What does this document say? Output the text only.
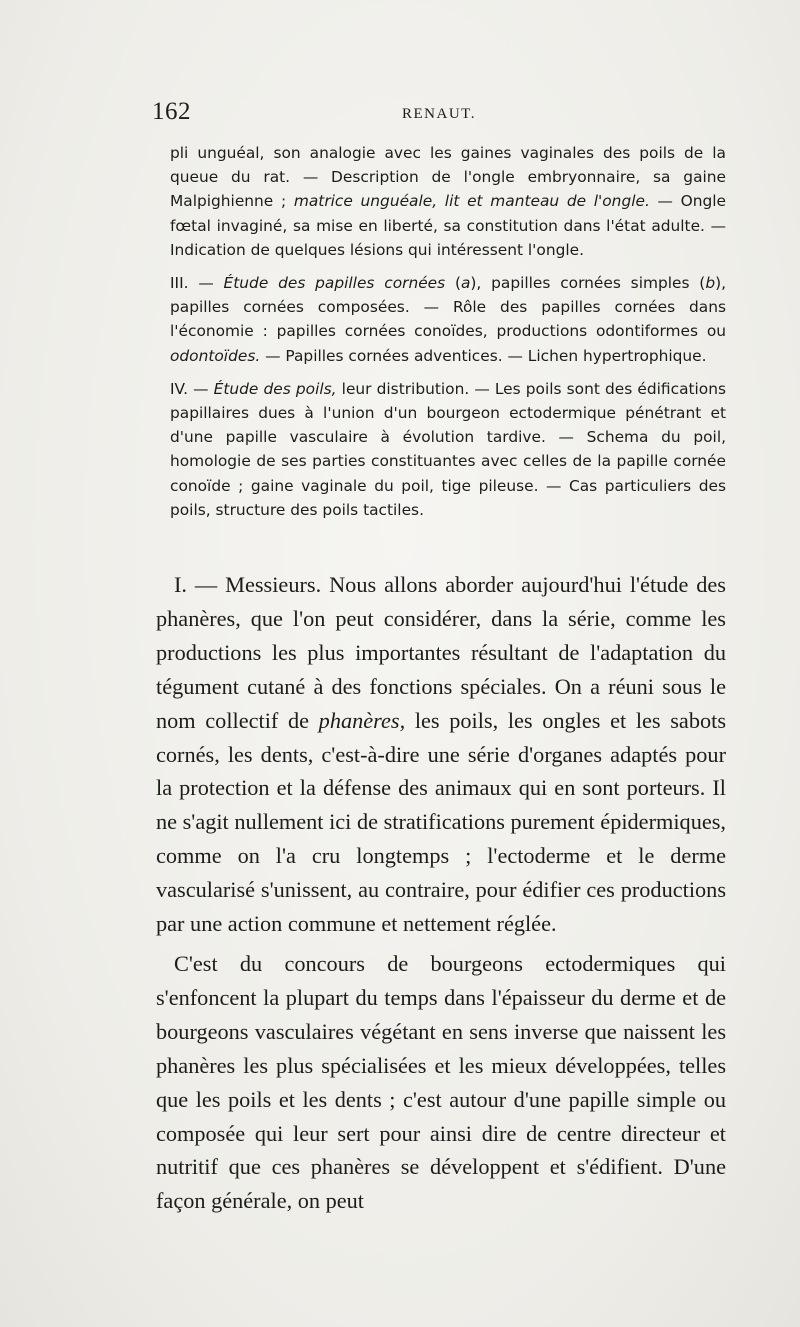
162	RENAUT.

pli unguéal, son analogie avec les gaines vaginales des poils de la queue du rat. — Description de l'ongle embryonnaire, sa gaine Malpighienne ; matrice unguéale, lit et manteau de l'ongle. — Ongle fœtal invaginé, sa mise en liberté, sa constitution dans l'état adulte. — Indication de quelques lésions qui intéressent l'ongle.

III. — Étude des papilles cornées (a), papilles cornées simples (b), papilles cornées composées. — Rôle des papilles cornées dans l'économie : papilles cornées conoïdes, productions odontiformes ou odontoïdes. — Papilles cornées adventices. — Lichen hypertrophique.

IV. — Étude des poils, leur distribution. — Les poils sont des édifications papillaires dues à l'union d'un bourgeon ectodermique pénétrant et d'une papille vasculaire à évolution tardive. — Schema du poil, homologie de ses parties constituantes avec celles de la papille cornée conoïde ; gaine vaginale du poil, tige pileuse. — Cas particuliers des poils, structure des poils tactiles.

I. — Messieurs. Nous allons aborder aujourd'hui l'étude des phanères, que l'on peut considérer, dans la série, comme les productions les plus importantes résultant de l'adaptation du tégument cutané à des fonctions spéciales. On a réuni sous le nom collectif de phanères, les poils, les ongles et les sabots cornés, les dents, c'est-à-dire une série d'organes adaptés pour la protection et la défense des animaux qui en sont porteurs. Il ne s'agit nullement ici de stratifications purement épidermiques, comme on l'a cru longtemps ; l'ectoderme et le derme vascularisé s'unissent, au contraire, pour édifier ces productions par une action commune et nettement réglée.

C'est du concours de bourgeons ectodermiques qui s'enfoncent la plupart du temps dans l'épaisseur du derme et de bourgeons vasculaires végétant en sens inverse que naissent les phanères les plus spécialisées et les mieux développées, telles que les poils et les dents ; c'est autour d'une papille simple ou composée qui leur sert pour ainsi dire de centre directeur et nutritif que ces phanères se développent et s'édifient. D'une façon générale, on peut
